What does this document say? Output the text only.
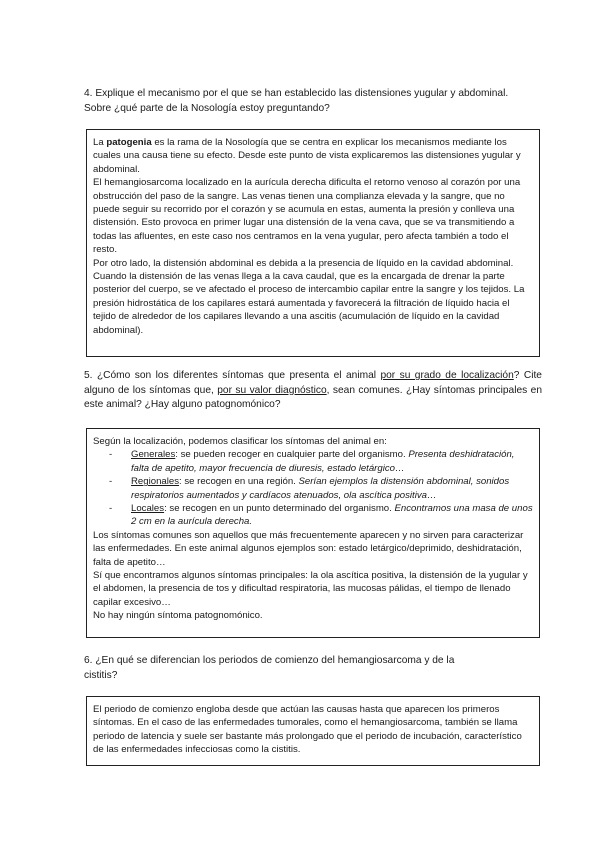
4. Explique el mecanismo por el que se han establecido las distensiones yugular y abdominal.
Sobre ¿qué parte de la Nosología estoy preguntando?

La patogenia es la rama de la Nosología que se centra en explicar los mecanismos mediante los cuales una causa tiene su efecto. Desde este punto de vista explicaremos las distensiones yugular y abdominal.

El hemangiosarcoma localizado en la aurícula derecha dificulta el retorno venoso al corazón por una obstrucción del paso de la sangre. Las venas tienen una complianza elevada y la sangre, que no puede seguir su recorrido por el corazón y se acumula en estas, aumenta la presión y conlleva una distensión. Esto provoca en primer lugar una distensión de la vena cava, que se va transmitiendo a todas las afluentes, en este caso nos centramos en la vena yugular, pero afecta también a todo el resto.

Por otro lado, la distensión abdominal es debida a la presencia de líquido en la cavidad abdominal. Cuando la distensión de las venas llega a la cava caudal, que es la encargada de drenar la parte posterior del cuerpo, se ve afectado el proceso de intercambio capilar entre la sangre y los tejidos. La presión hidrostática de los capilares estará aumentada y favorecerá la filtración de líquido hacia el tejido de alrededor de los capilares llevando a una ascitis (acumulación de líquido en la cavidad abdominal).

5. ¿Cómo son los diferentes síntomas que presenta el animal por su grado de localización? Cite alguno de los síntomas que, por su valor diagnóstico, sean comunes. ¿Hay síntomas principales en este animal? ¿Hay alguno patognomónico?

Según la localización, podemos clasificar los síntomas del animal en:

- Generales: se pueden recoger en cualquier parte del organismo. Presenta deshidratación, falta de apetito, mayor frecuencia de diuresis, estado letárgico…
- Regionales: se recogen en una región. Serían ejemplos la distensión abdominal, sonidos respiratorios aumentados y cardíacos atenuados, ola ascítica positiva…
- Locales: se recogen en un punto determinado del organismo. Encontramos una masa de unos 2 cm en la aurícula derecha.

Los síntomas comunes son aquellos que más frecuentemente aparecen y no sirven para caracterizar las enfermedades. En este animal algunos ejemplos son: estado letárgico/deprimido, deshidratación, falta de apetito…

Sí que encontramos algunos síntomas principales: la ola ascítica positiva, la distensión de la yugular y el abdomen, la presencia de tos y dificultad respiratoria, las mucosas pálidas, el tiempo de llenado capilar excesivo…

No hay ningún síntoma patognomónico.

6. ¿En qué se diferencian los periodos de comienzo del hemangiosarcoma y de la
cistitis?

El periodo de comienzo engloba desde que actúan las causas hasta que aparecen los primeros síntomas. En el caso de las enfermedades tumorales, como el hemangiosarcoma, también se llama periodo de latencia y suele ser bastante más prolongado que el periodo de incubación, característico de las enfermedades infecciosas como la cistitis.
